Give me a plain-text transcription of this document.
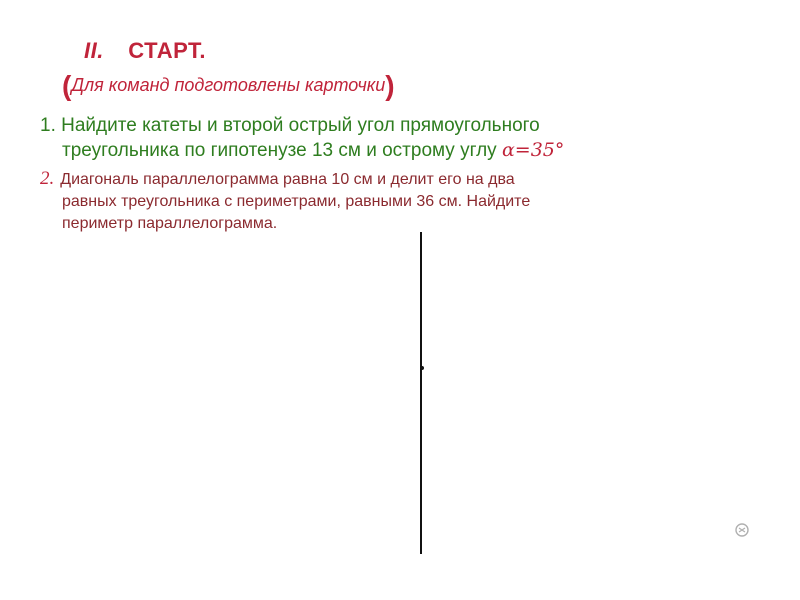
II. СТАРТ.
(Для команд подготовлены карточки)
1. Найдите катеты и второй острый угол прямоугольного
треугольника по гипотенузе 13 см и острому углу α=35°
2. Диагональ параллелограмма равна 10 см и делит его на два
равных треугольника с периметрами, равными 36 см. Найдите
периметр параллелограмма.
